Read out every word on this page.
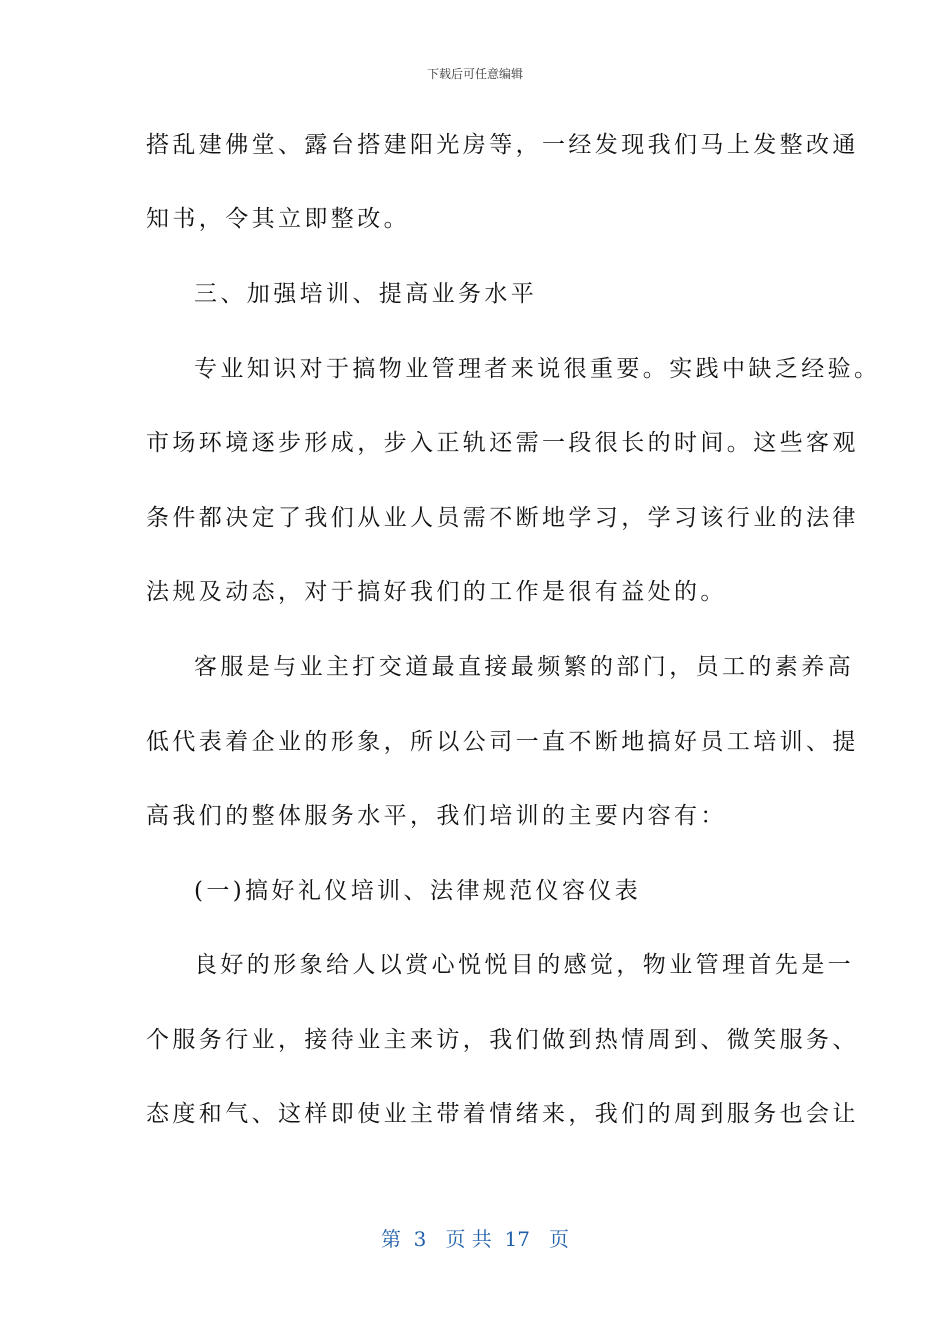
下载后可任意编辑
搭乱建佛堂、露台搭建阳光房等，一经发现我们马上发整改通
知书，令其立即整改。
三、加强培训、提高业务水平
专业知识对于搞物业管理者来说很重要。实践中缺乏经验。
市场环境逐步形成，步入正轨还需一段很长的时间。这些客观
条件都决定了我们从业人员需不断地学习，学习该行业的法律
法规及动态，对于搞好我们的工作是很有益处的。
客服是与业主打交道最直接最频繁的部门，员工的素养高
低代表着企业的形象，所以公司一直不断地搞好员工培训、提
高我们的整体服务水平，我们培训的主要内容有：
(一)搞好礼仪培训、法律规范仪容仪表
良好的形象给人以赏心悦悦目的感觉，物业管理首先是一
个服务行业，接待业主来访，我们做到热情周到、微笑服务、
态度和气、这样即使业主带着情绪来，我们的周到服务也会让
第  3   页 共  17   页
